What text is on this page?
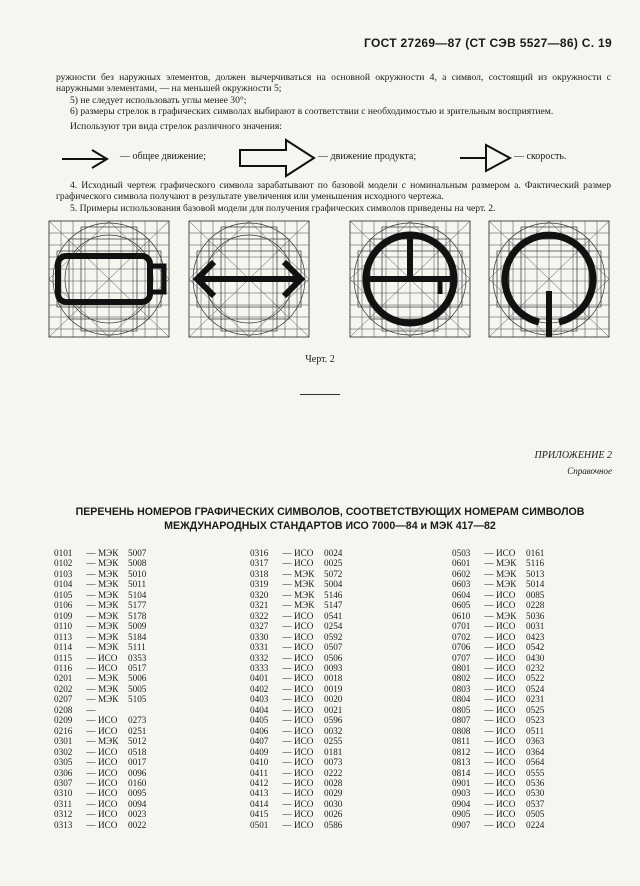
ГОСТ 27269—87 (СТ СЭВ 5527—86) С. 19

ружности без наружных элементов, должен вычерчиваться на основной окружности 4, а символ, состоящий из окружности с наружными элементами, — на меньшей окружности 5;

5) не следует использовать углы менее 30°;

6) размеры стрелок в графических символах выбирают в соответствии с необходимостью и зрительным восприятием.

Используют три вида стрелок различного значения:

— общее движение;	— движение продукта;	— скорость.

4. Исходный чертеж графического символа зарабатывают по базовой модели с номинальным размером a. Фактический размер графического символа получают в результате увеличения или уменьшения исходного чертежа.

5. Примеры использования базовой модели для получения графических символов приведены на черт. 2.

Черт. 2
ПРИЛОЖЕНИЕ 2
Справочное
ПЕРЕЧЕНЬ НОМЕРОВ ГРАФИЧЕСКИХ СИМВОЛОВ, СООТВЕТСТВУЮЩИХ НОМЕРАМ СИМВОЛОВ
МЕЖДУНАРОДНЫХ СТАНДАРТОВ ИСО 7000—84 и МЭК 417—82
0101 — МЭК 5007
0102 — МЭК 5008
0103 — МЭК 5010
0104 — МЭК 5011
0105 — МЭК 5104
0106 — МЭК 5177
0109 — МЭК 5178
0110 — МЭК 5009
0113 — МЭК 5184
0114 — МЭК 5111
0115 — ИСО 0353
0116 — ИСО 0517
0201 — МЭК 5006
0202 — МЭК 5005
0207 — МЭК 5105
0208 —
0209 — ИСО 0273
0216 — ИСО 0251
0301 — МЭК 5012
0302 — ИСО 0518
0305 — ИСО 0017
0306 — ИСО 0096
0307 — ИСО 0160
0310 — ИСО 0095
0311 — ИСО 0094
0312 — ИСО 0023
0313 — ИСО 0022
0316 — ИСО 0024
0317 — ИСО 0025
0318 — МЭК 5072
0319 — МЭК 5004
0320 — МЭК 5146
0321 — МЭК 5147
0322 — ИСО 0541
0327 — ИСО 0254
0330 — ИСО 0592
0331 — ИСО 0507
0332 — ИСО 0506
0333 — ИСО 0093
0401 — ИСО 0018
0402 — ИСО 0019
0403 — ИСО 0020
0404 — ИСО 0021
0405 — ИСО 0596
0406 — ИСО 0032
0407 — ИСО 0255
0409 — ИСО 0181
0410 — ИСО 0073
0411 — ИСО 0222
0412 — ИСО 0028
0413 — ИСО 0029
0414 — ИСО 0030
0415 — ИСО 0026
0501 — ИСО 0586
0503 — ИСО 0161
0601 — МЭК 5116
0602 — МЭК 5013
0603 — МЭК 5014
0604 — ИСО 0085
0605 — ИСО 0228
0610 — МЭК 5036
0701 — ИСО 0031
0702 — ИСО 0423
0706 — ИСО 0542
0707 — ИСО 0430
0801 — ИСО 0232
0802 — ИСО 0522
0803 — ИСО 0524
0804 — ИСО 0231
0805 — ИСО 0525
0807 — ИСО 0523
0808 — ИСО 0511
0811 — ИСО 0363
0812 — ИСО 0364
0813 — ИСО 0564
0814 — ИСО 0555
0901 — ИСО 0536
0903 — ИСО 0530
0904 — ИСО 0537
0905 — ИСО 0505
0907 — ИСО 0224
